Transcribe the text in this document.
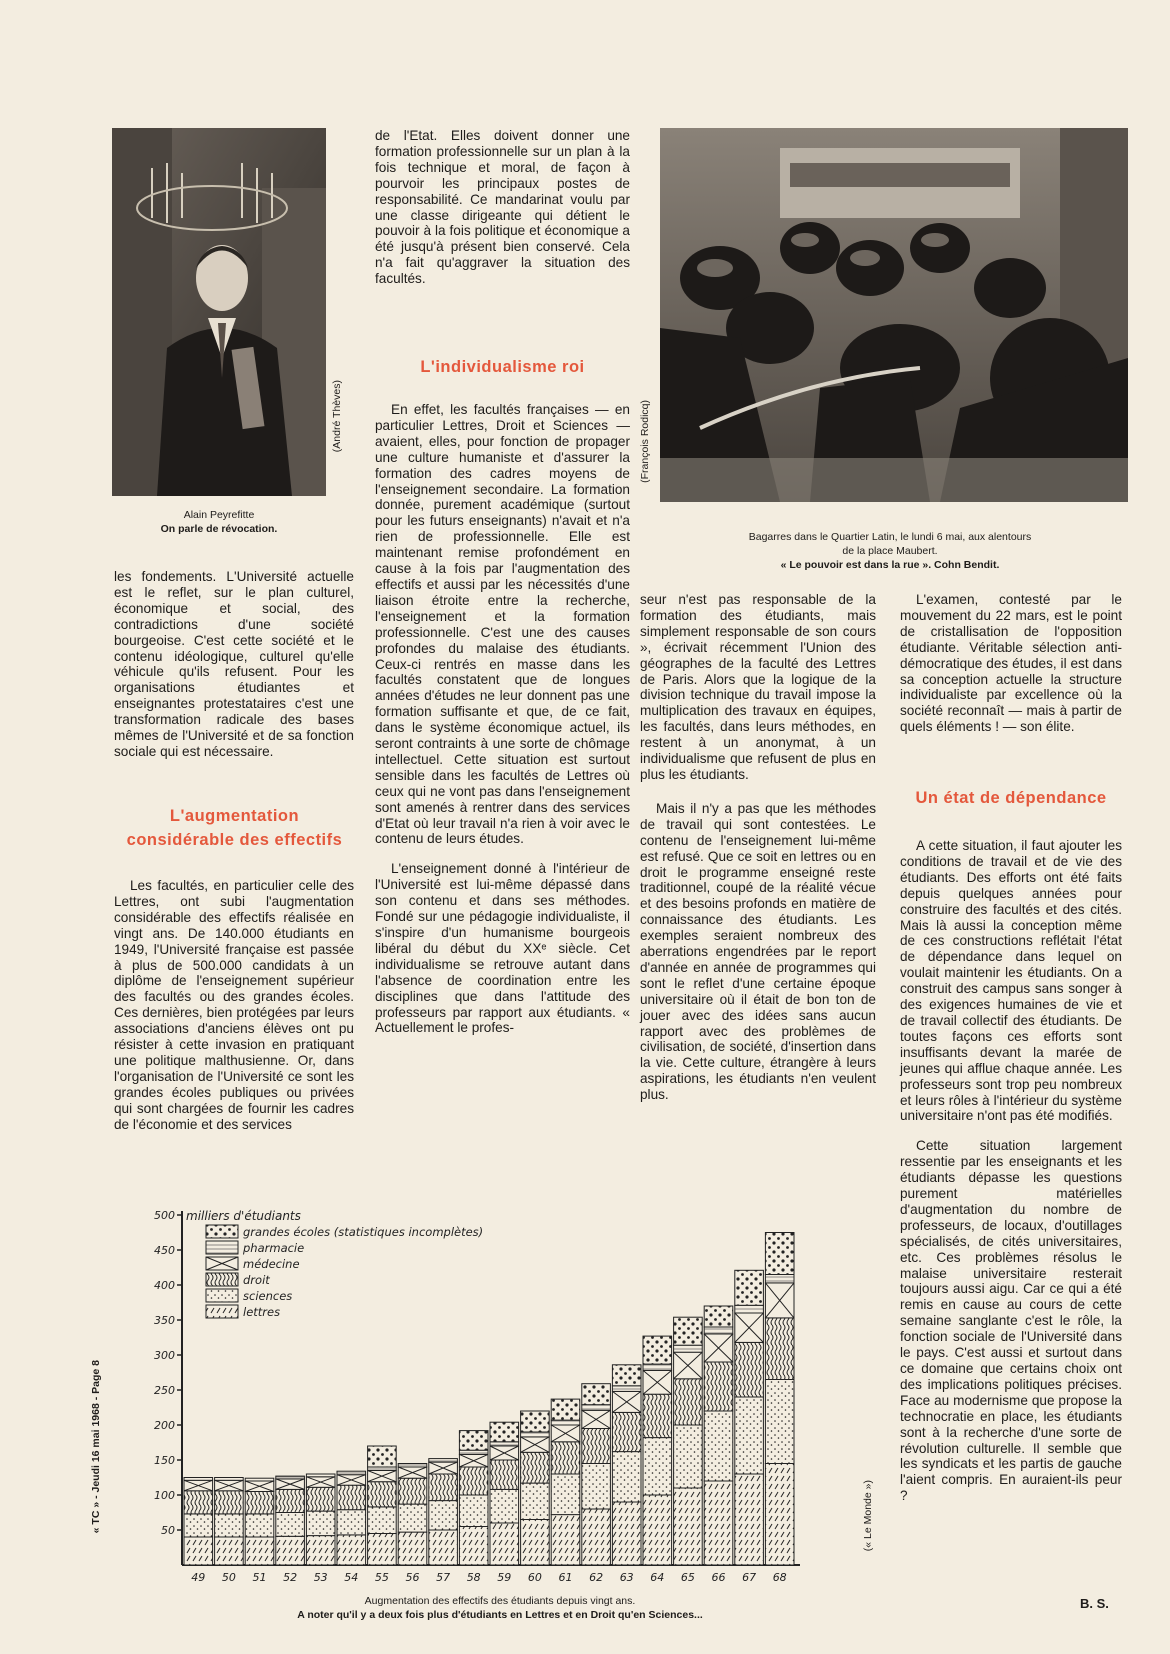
(André Thèves)
Alain Peyrefitte
On parle de révocation.
(François Rodicq)
Bagarres dans le Quartier Latin, le lundi 6 mai, aux alentours
de la place Maubert.
« Le pouvoir est dans la rue ». Cohn Bendit.

de l'Etat. Elles doivent donner une formation professionnelle sur un plan à la fois technique et moral, de façon à pourvoir les principaux postes de responsabilité. Ce mandarinat voulu par une classe dirigeante qui détient le pouvoir à la fois politique et économique a été jusqu'à présent bien conservé. Cela n'a fait qu'aggraver la situation des facultés.

L'individualisme roi

En effet, les facultés françaises — en particulier Lettres, Droit et Sciences — avaient, elles, pour fonction de propager une culture humaniste et d'assurer la formation des cadres moyens de l'enseignement secondaire. La formation donnée, purement académique (surtout pour les futurs enseignants) n'avait et n'a rien de professionnelle. Elle est maintenant remise profondément en cause à la fois par l'augmentation des effectifs et aussi par les nécessités d'une liaison étroite entre la recherche, l'enseignement et la formation professionnelle. C'est une des causes profondes du malaise des étudiants. Ceux-ci rentrés en masse dans les facultés constatent que de longues années d'études ne leur donnent pas une formation suffisante et que, de ce fait, dans le système économique actuel, ils seront contraints à une sorte de chômage intellectuel. Cette situation est surtout sensible dans les facultés de Lettres où ceux qui ne vont pas dans l'enseignement sont amenés à rentrer dans des services d'Etat où leur travail n'a rien à voir avec le contenu de leurs études.

L'enseignement donné à l'intérieur de l'Université est lui-même dépassé dans son contenu et dans ses méthodes. Fondé sur une pédagogie individualiste, il s'inspire d'un humanisme bourgeois libéral du début du XXᵉ siècle. Cet individualisme se retrouve autant dans l'absence de coordination entre les disciplines que dans l'attitude des professeurs par rapport aux étudiants. « Actuellement le profes-

les fondements. L'Université actuelle est le reflet, sur le plan culturel, économique et social, des contradictions d'une société bourgeoise. C'est cette société et le contenu idéologique, culturel qu'elle véhicule qu'ils refusent. Pour les organisations étudiantes et enseignantes protestataires c'est une transformation radicale des bases mêmes de l'Université et de sa fonction sociale qui est nécessaire.

L'augmentation
considérable des effectifs

Les facultés, en particulier celle des Lettres, ont subi l'augmentation considérable des effectifs réalisée en vingt ans. De 140.000 étudiants en 1949, l'Université française est passée à plus de 500.000 candidats à un diplôme de l'enseignement supérieur des facultés ou des grandes écoles. Ces dernières, bien protégées par leurs associations d'anciens élèves ont pu résister à cette invasion en pratiquant une politique malthusienne. Or, dans l'organisation de l'Université ce sont les grandes écoles publiques ou privées qui sont chargées de fournir les cadres de l'économie et des services

seur n'est pas responsable de la formation des étudiants, mais simplement responsable de son cours », écrivait récemment l'Union des géographes de la faculté des Lettres de Paris. Alors que la logique de la division technique du travail impose la multiplication des travaux en équipes, les facultés, dans leurs méthodes, en restent à un anonymat, à un individualisme que refusent de plus en plus les étudiants.

Mais il n'y a pas que les méthodes de travail qui sont contestées. Le contenu de l'enseignement lui-même est refusé. Que ce soit en lettres ou en droit le programme enseigné reste traditionnel, coupé de la réalité vécue et des besoins profonds en matière de connaissance des étudiants. Les exemples seraient nombreux des aberrations engendrées par le report d'année en année de programmes qui sont le reflet d'une certaine époque universitaire où il était de bon ton de jouer avec des idées sans aucun rapport avec des problèmes de civilisation, de société, d'insertion dans la vie. Cette culture, étrangère à leurs aspirations, les étudiants n'en veulent plus.

L'examen, contesté par le mouvement du 22 mars, est le point de cristallisation de l'opposition étudiante. Véritable sélection anti-démocratique des études, il est dans sa conception actuelle la structure individualiste par excellence où la société reconnaît — mais à partir de quels éléments ! — son élite.

Un état de dépendance

A cette situation, il faut ajouter les conditions de travail et de vie des étudiants. Des efforts ont été faits depuis quelques années pour construire des facultés et des cités. Mais là aussi la conception même de ces constructions reflétait l'état de dépendance dans lequel on voulait maintenir les étudiants. On a construit des campus sans songer à des exigences humaines de vie et de travail collectif des étudiants. De toutes façons ces efforts sont insuffisants devant la marée de jeunes qui afflue chaque année. Les professeurs sont trop peu nombreux et leurs rôles à l'intérieur du système universitaire n'ont pas été modifiés.

Cette situation largement ressentie par les enseignants et les étudiants dépasse les questions purement matérielles d'augmentation du nombre de professeurs, de locaux, d'outillages spécialisés, de cités universitaires, etc. Ces problèmes résolus le malaise universitaire resterait toujours aussi aigu. Car ce qui a été remis en cause au cours de cette semaine sanglante c'est le rôle, la fonction sociale de l'Université dans le pays. C'est aussi et surtout dans ce domaine que certains choix ont des implications politiques précises. Face au modernisme que propose la technocratie en place, les étudiants sont à la recherche d'une sorte de révolution culturelle. Il semble que les syndicats et les partis de gauche l'aient compris. En auraient-ils peur ?

B. S.
« TC » - Jeudi 16 mai 1968 - Page 8	(« Le Monde »)
50
100
150
200
250
300
350
400
450
500 milliers d'étudiants
49 50 51 52 53 54 55 56 57 58 59 60 61 62 63 64 65 66 67 68
grandes écoles (statistiques incomplètes)
pharmacie
médecine
droit
sciences
lettres
Augmentation des effectifs des étudiants depuis vingt ans.
A noter qu'il y a deux fois plus d'étudiants en Lettres et en Droit qu'en Sciences...
